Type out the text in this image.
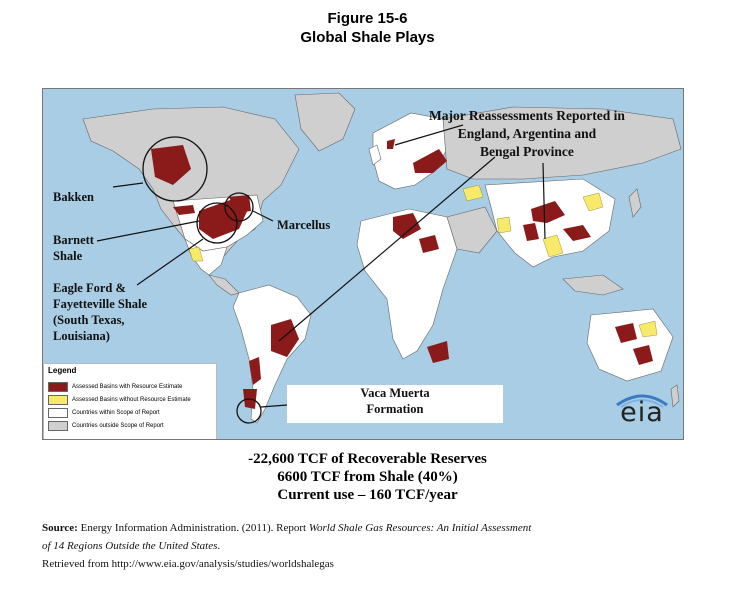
Figure 15-6
Global Shale Plays
Major Reassessments Reported in
England, Argentina and
Bengal Province
Bakken
Barnett
Shale
Eagle Ford &
Fayetteville Shale
(South Texas,
Louisiana)
Marcellus
Vaca Muerta
Formation
Legend
Assessed Basins with Resource Estimate
Assessed Basins without Resource Estimate
Countries within Scope of Report
Countries outside Scope of Report	eia
-22,600 TCF of Recoverable Reserves
6600 TCF from Shale (40%)
Current use – 160 TCF/year
Source: Energy Information Administration. (2011). Report World Shale Gas Resources: An Initial Assessment
of 14 Regions Outside the United States.
Retrieved from http://www.eia.gov/analysis/studies/worldshalegas
